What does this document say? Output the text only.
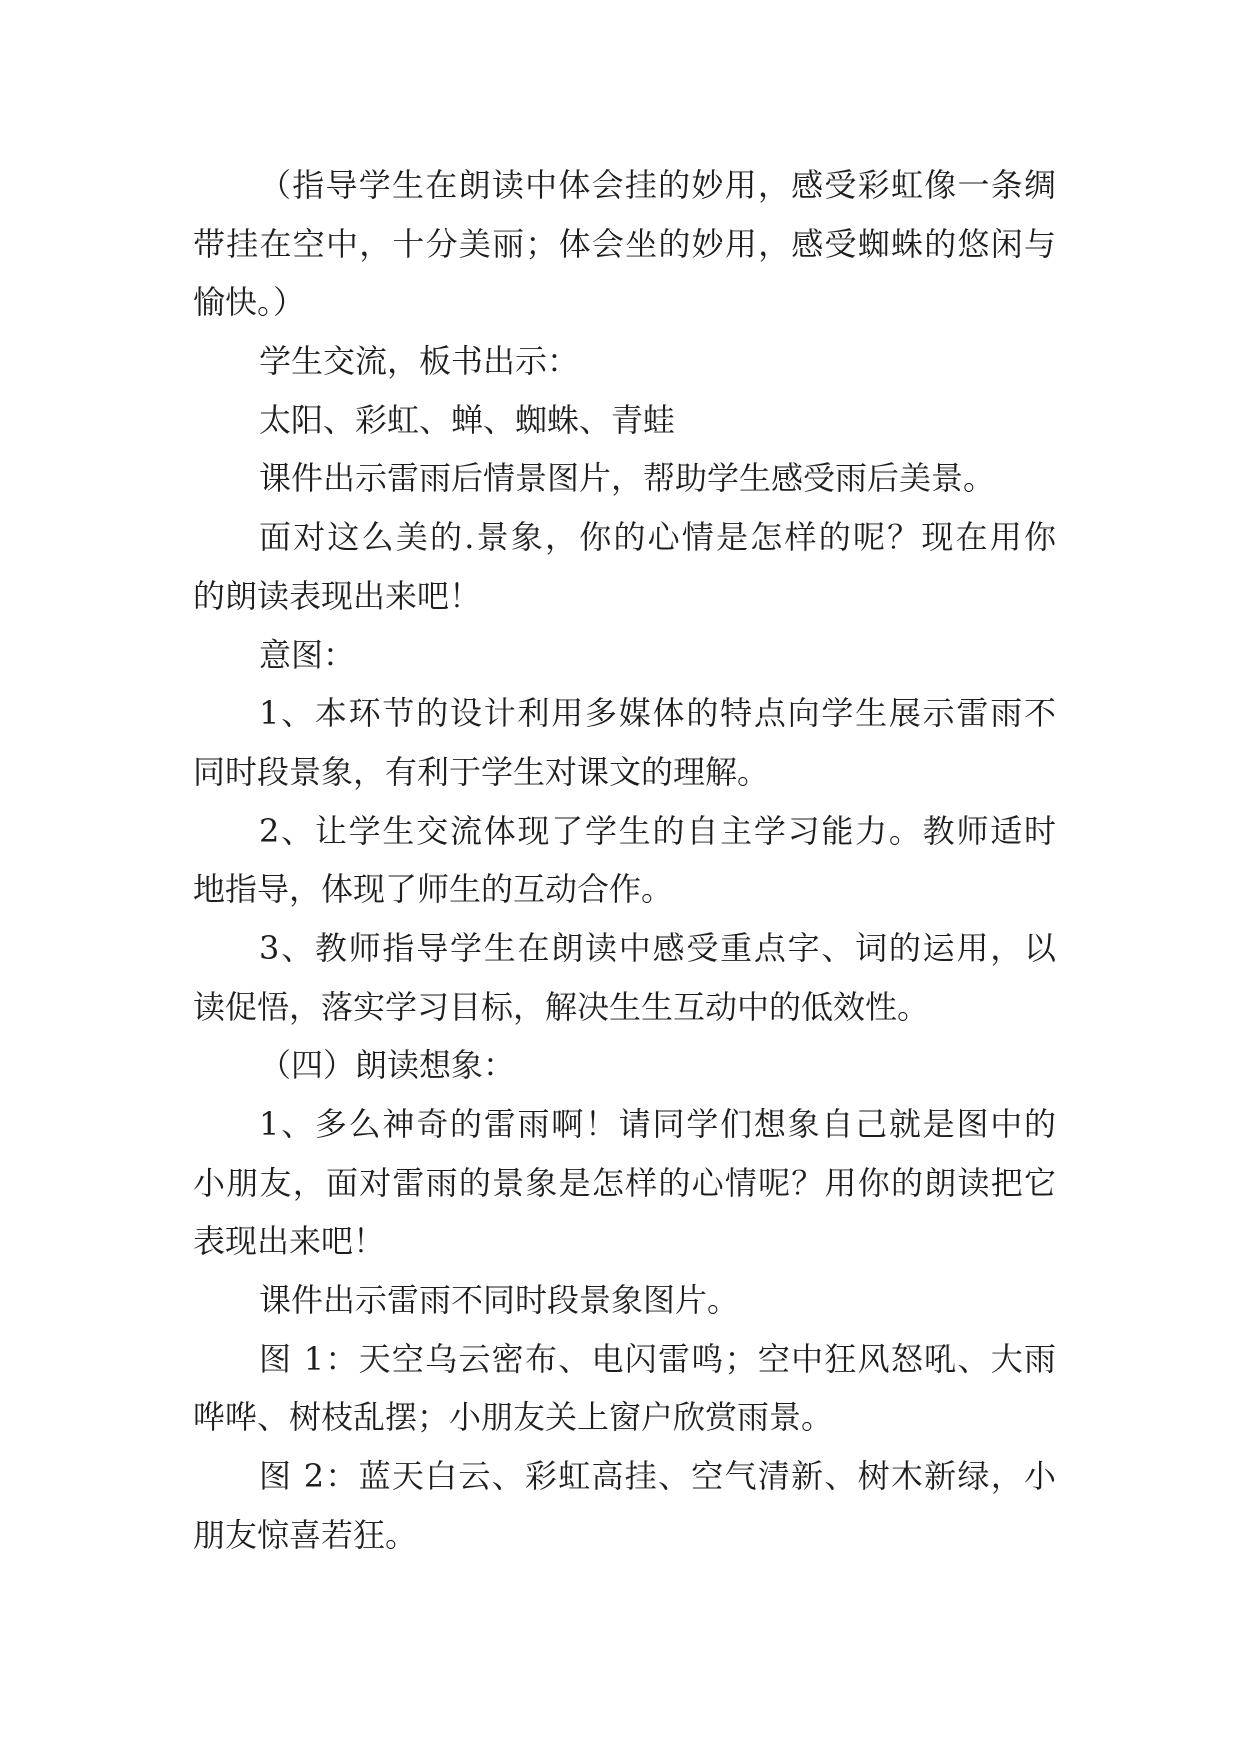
（指导学生在朗读中体会挂的妙用，感受彩虹像一条绸
带挂在空中，十分美丽；体会坐的妙用，感受蜘蛛的悠闲与
愉快。）
学生交流，板书出示：
太阳、彩虹、蝉、蜘蛛、青蛙
课件出示雷雨后情景图片，帮助学生感受雨后美景。
面对这么美的.景象，你的心情是怎样的呢？现在用你
的朗读表现出来吧！
意图：
1、本环节的设计利用多媒体的特点向学生展示雷雨不
同时段景象，有利于学生对课文的理解。
2、让学生交流体现了学生的自主学习能力。教师适时
地指导，体现了师生的互动合作。
3、教师指导学生在朗读中感受重点字、词的运用，以
读促悟，落实学习目标，解决生生互动中的低效性。
（四）朗读想象：
1、多么神奇的雷雨啊！请同学们想象自己就是图中的
小朋友，面对雷雨的景象是怎样的心情呢？用你的朗读把它
表现出来吧！
课件出示雷雨不同时段景象图片。
图 1：天空乌云密布、电闪雷鸣；空中狂风怒吼、大雨
哗哗、树枝乱摆；小朋友关上窗户欣赏雨景。
图 2：蓝天白云、彩虹高挂、空气清新、树木新绿，小
朋友惊喜若狂。
